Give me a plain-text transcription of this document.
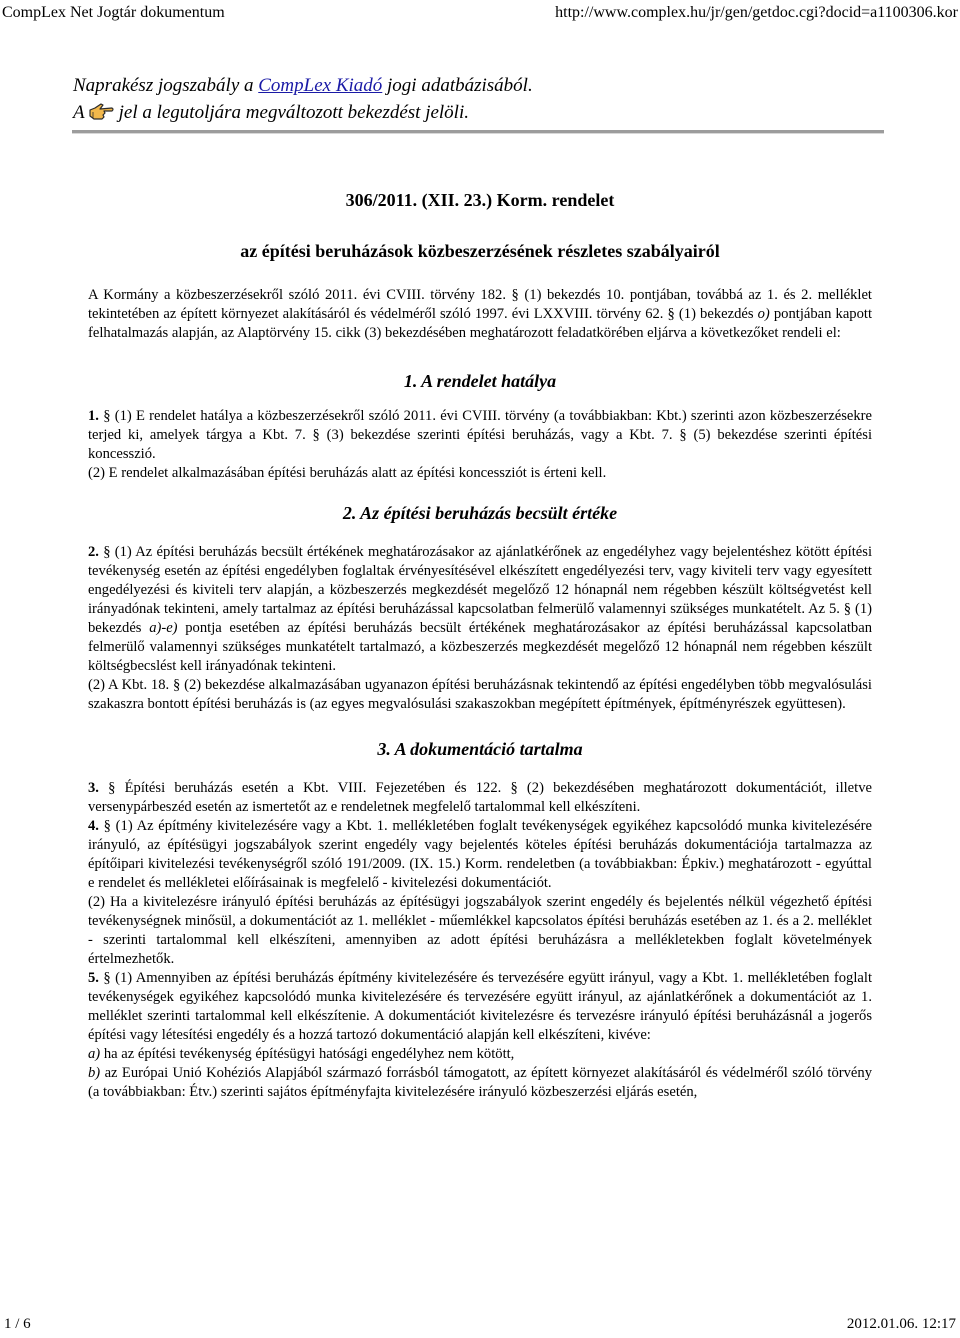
CompLex Net Jogtár dokumentum	http://www.complex.hu/jr/gen/getdoc.cgi?docid=a1100306.kor
Naprakész jogszabály a CompLex Kiadó jogi adatbázisából.
A jel a legutoljára megváltozott bekezdést jelöli.
306/2011. (XII. 23.) Korm. rendelet
az építési beruházások közbeszerzésének részletes szabályairól

A Kormány a közbeszerzésekről szóló 2011. évi CVIII. törvény 182. § (1) bekezdés 10. pontjában, továbbá az 1. és 2. melléklet tekintetében az épített környezet alakításáról és védelméről szóló 1997. évi LXXVIII. törvény 62. § (1) bekezdés o) pontjában kapott felhatalmazás alapján, az Alaptörvény 15. cikk (3) bekezdésében meghatározott feladatkörében eljárva a következőket rendeli el:

1. A rendelet hatálya

1. § (1) E rendelet hatálya a közbeszerzésekről szóló 2011. évi CVIII. törvény (a továbbiakban: Kbt.) szerinti azon közbeszerzésekre terjed ki, amelyek tárgya a Kbt. 7. § (3) bekezdése szerinti építési beruházás, vagy a Kbt. 7. § (5) bekezdése szerinti építési koncesszió.

(2) E rendelet alkalmazásában építési beruházás alatt az építési koncessziót is érteni kell.

2. Az építési beruházás becsült értéke

2. § (1) Az építési beruházás becsült értékének meghatározásakor az ajánlatkérőnek az engedélyhez vagy bejelentéshez kötött építési tevékenység esetén az építési engedélyben foglaltak érvényesítésével elkészített engedélyezési terv, vagy kiviteli terv vagy egyesített engedélyezési és kiviteli terv alapján, a közbeszerzés megkezdését megelőző 12 hónapnál nem régebben készült költségvetést kell irányadónak tekinteni, amely tartalmaz az építési beruházással kapcsolatban felmerülő valamennyi szükséges munkatételt. Az 5. § (1) bekezdés a)-e) pontja esetében az építési beruházás becsült értékének meghatározásakor az építési beruházással kapcsolatban felmerülő valamennyi szükséges munkatételt tartalmazó, a közbeszerzés megkezdését megelőző 12 hónapnál nem régebben készült költségbecslést kell irányadónak tekinteni.

(2) A Kbt. 18. § (2) bekezdése alkalmazásában ugyanazon építési beruházásnak tekintendő az építési engedélyben több megvalósulási szakaszra bontott építési beruházás is (az egyes megvalósulási szakaszokban megépített építmények, építményrészek együttesen).

3. A dokumentáció tartalma

3. § Építési beruházás esetén a Kbt. VIII. Fejezetében és 122. § (2) bekezdésében meghatározott dokumentációt, illetve versenypárbeszéd esetén az ismertetőt az e rendeletnek megfelelő tartalommal kell elkészíteni.

4. § (1) Az építmény kivitelezésére vagy a Kbt. 1. mellékletében foglalt tevékenységek egyikéhez kapcsolódó munka kivitelezésére irányuló, az építésügyi jogszabályok szerint engedély vagy bejelentés köteles építési beruházás dokumentációja tartalmazza az építőipari kivitelezési tevékenységről szóló 191/2009. (IX. 15.) Korm. rendeletben (a továbbiakban: Épkiv.) meghatározott - egyúttal e rendelet és mellékletei előírásainak is megfelelő - kivitelezési dokumentációt.

(2) Ha a kivitelezésre irányuló építési beruházás az építésügyi jogszabályok szerint engedély és bejelentés nélkül végezhető építési tevékenységnek minősül, a dokumentációt az 1. melléklet - műemlékkel kapcsolatos építési beruházás esetében az 1. és a 2. melléklet - szerinti tartalommal kell elkészíteni, amennyiben az adott építési beruházásra a mellékletekben foglalt követelmények értelmezhetők.

5. § (1) Amennyiben az építési beruházás építmény kivitelezésére és tervezésére együtt irányul, vagy a Kbt. 1. mellékletében foglalt tevékenységek egyikéhez kapcsolódó munka kivitelezésére és tervezésére együtt irányul, az ajánlatkérőnek a dokumentációt az 1. melléklet szerinti tartalommal kell elkészítenie. A dokumentációt kivitelezésre és tervezésre irányuló építési beruházásnál a jogerős építési vagy létesítési engedély és a hozzá tartozó dokumentáció alapján kell elkészíteni, kivéve:

a) ha az építési tevékenység építésügyi hatósági engedélyhez nem kötött,

b) az Európai Unió Kohéziós Alapjából származó forrásból támogatott, az épített környezet alakításáról és védelméről szóló törvény (a továbbiakban: Étv.) szerinti sajátos építményfajta kivitelezésére irányuló közbeszerzési eljárás esetén,

1 / 6	2012.01.06. 12:17
